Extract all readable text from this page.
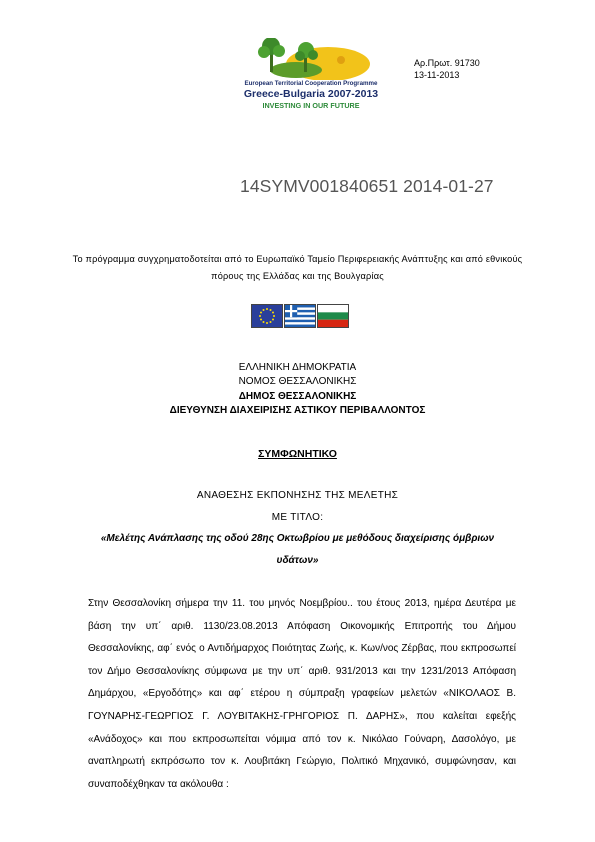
European Territorial Cooperation Programme
Greece-Bulgaria 2007-2013
INVESTING IN OUR FUTURE
Αρ.Πρωτ. 91730
13-11-2013
14SYMV001840651 2014-01-27
Το πρόγραμμα συγχρηματοδοτείται από το Ευρωπαϊκό Ταμείο Περιφερειακής Ανάπτυξης και από εθνικούς πόρους της Ελλάδας και της Βουλγαρίας
ΕΛΛΗΝΙΚΗ ΔΗΜΟΚΡΑΤΙΑ
ΝΟΜΟΣ ΘΕΣΣΑΛΟΝΙΚΗΣ
ΔΗΜΟΣ ΘΕΣΣΑΛΟΝΙΚΗΣ
ΔΙΕΥΘΥΝΣΗ ΔΙΑΧΕΙΡΙΣΗΣ ΑΣΤΙΚΟΥ ΠΕΡΙΒΑΛΛΟΝΤΟΣ
ΣΥΜΦΩΝΗΤΙΚΟ
ΑΝΑΘΕΣΗΣ ΕΚΠΟΝΗΣΗΣ ΤΗΣ ΜΕΛΕΤΗΣ
ΜΕ ΤΙΤΛΟ:
«Μελέτης Ανάπλασης της οδού 28ης Οκτωβρίου με μεθόδους διαχείρισης όμβριων
υδάτων»

Στην Θεσσαλονίκη σήμερα την 11. του μηνός Νοεμβρίου.. του έτους 2013, ημέρα Δευτέρα με βάση την υπ΄ αριθ. 1130/23.08.2013 Απόφαση Οικονομικής Επιτροπής του Δήμου Θεσσαλονίκης, αφ΄ ενός ο Αντιδήμαρχος Ποιότητας Ζωής, κ. Κων/νος Ζέρβας, που εκπροσωπεί τον Δήμο Θεσσαλονίκης σύμφωνα με την υπ΄ αριθ. 931/2013 και την 1231/2013 Απόφαση Δημάρχου, «Εργοδότης» και αφ΄ ετέρου η σύμπραξη γραφείων μελετών «ΝΙΚΟΛΑΟΣ Β. ΓΟΥΝΑΡΗΣ-ΓΕΩΡΓΙΟΣ Γ. ΛΟΥΒΙΤΑΚΗΣ-ΓΡΗΓΟΡΙΟΣ Π. ΔΑΡΗΣ», που καλείται εφεξής «Ανάδοχος» και που εκπροσωπείται νόμιμα από τον κ. Νικόλαο Γούναρη, Δασολόγο, με αναπληρωτή εκπρόσωπο τον κ. Λουβιτάκη Γεώργιο, Πολιτικό Μηχανικό, συμφώνησαν, και συναποδέχθηκαν τα ακόλουθα :
